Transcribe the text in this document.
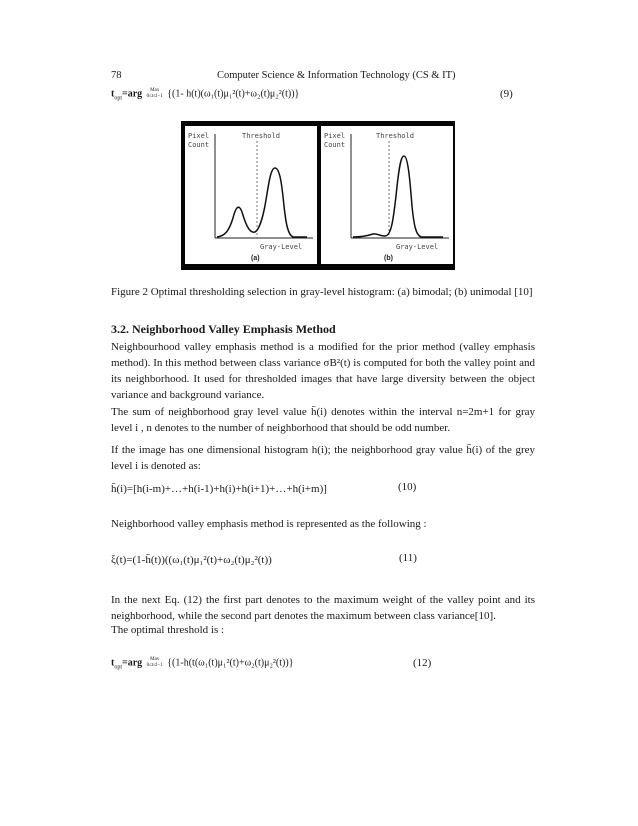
78	Computer Science & Information Technology (CS & IT)
$t_{opt}=arg$ Max
0≤t≤l−1 {(1- h(t)(ω₁(t)μ₁²(t)+ω₂(t)μ₂²(t))}	(9)
Pixel
Count
Threshold
Gray-Level
(a)
Pixel
Count
Threshold
Gray-Level
(b)
Figure 2 Optimal thresholding selection in gray-level histogram: (a) bimodal; (b) unimodal [10]
3.2. Neighborhood Valley Emphasis Method
Neighbourhood valley emphasis method is a modified for the prior method (valley emphasis method). In this method between class variance σB²(t) is computed for both the valley point and its neighborhood. It used for thresholded images that have large diversity between the object variance and background variance.
The sum of neighborhood gray level value h̄(i) denotes within the interval n=2m+1 for gray level i , n denotes to the number of neighborhood that should be odd number.
If the image has one dimensional histogram h(i); the neighborhood gray value h̄(i) of the grey level i is denoted as:
h̄(i)=[h(i-m)+…+h(i-1)+h(i)+h(i+1)+…+h(i+m)]	(10)
Neighborhood valley emphasis method is represented as the following :
ξ(t)=(1-h̄(t))((ω₁(t)μ₁²(t)+ω₂(t)μ₂²(t))	(11)
In the next Eq. (12) the first part denotes to the maximum weight of the valley point and its neighborhood, while the second part denotes the maximum between class variance[10].
The optimal threshold is :
$t_{opt}=arg$ Max
0≤t≤l−1 {(1-h(t(ω₁(t)μ₁²(t)+ω₂(t)μ₂²(t))}	(12)
